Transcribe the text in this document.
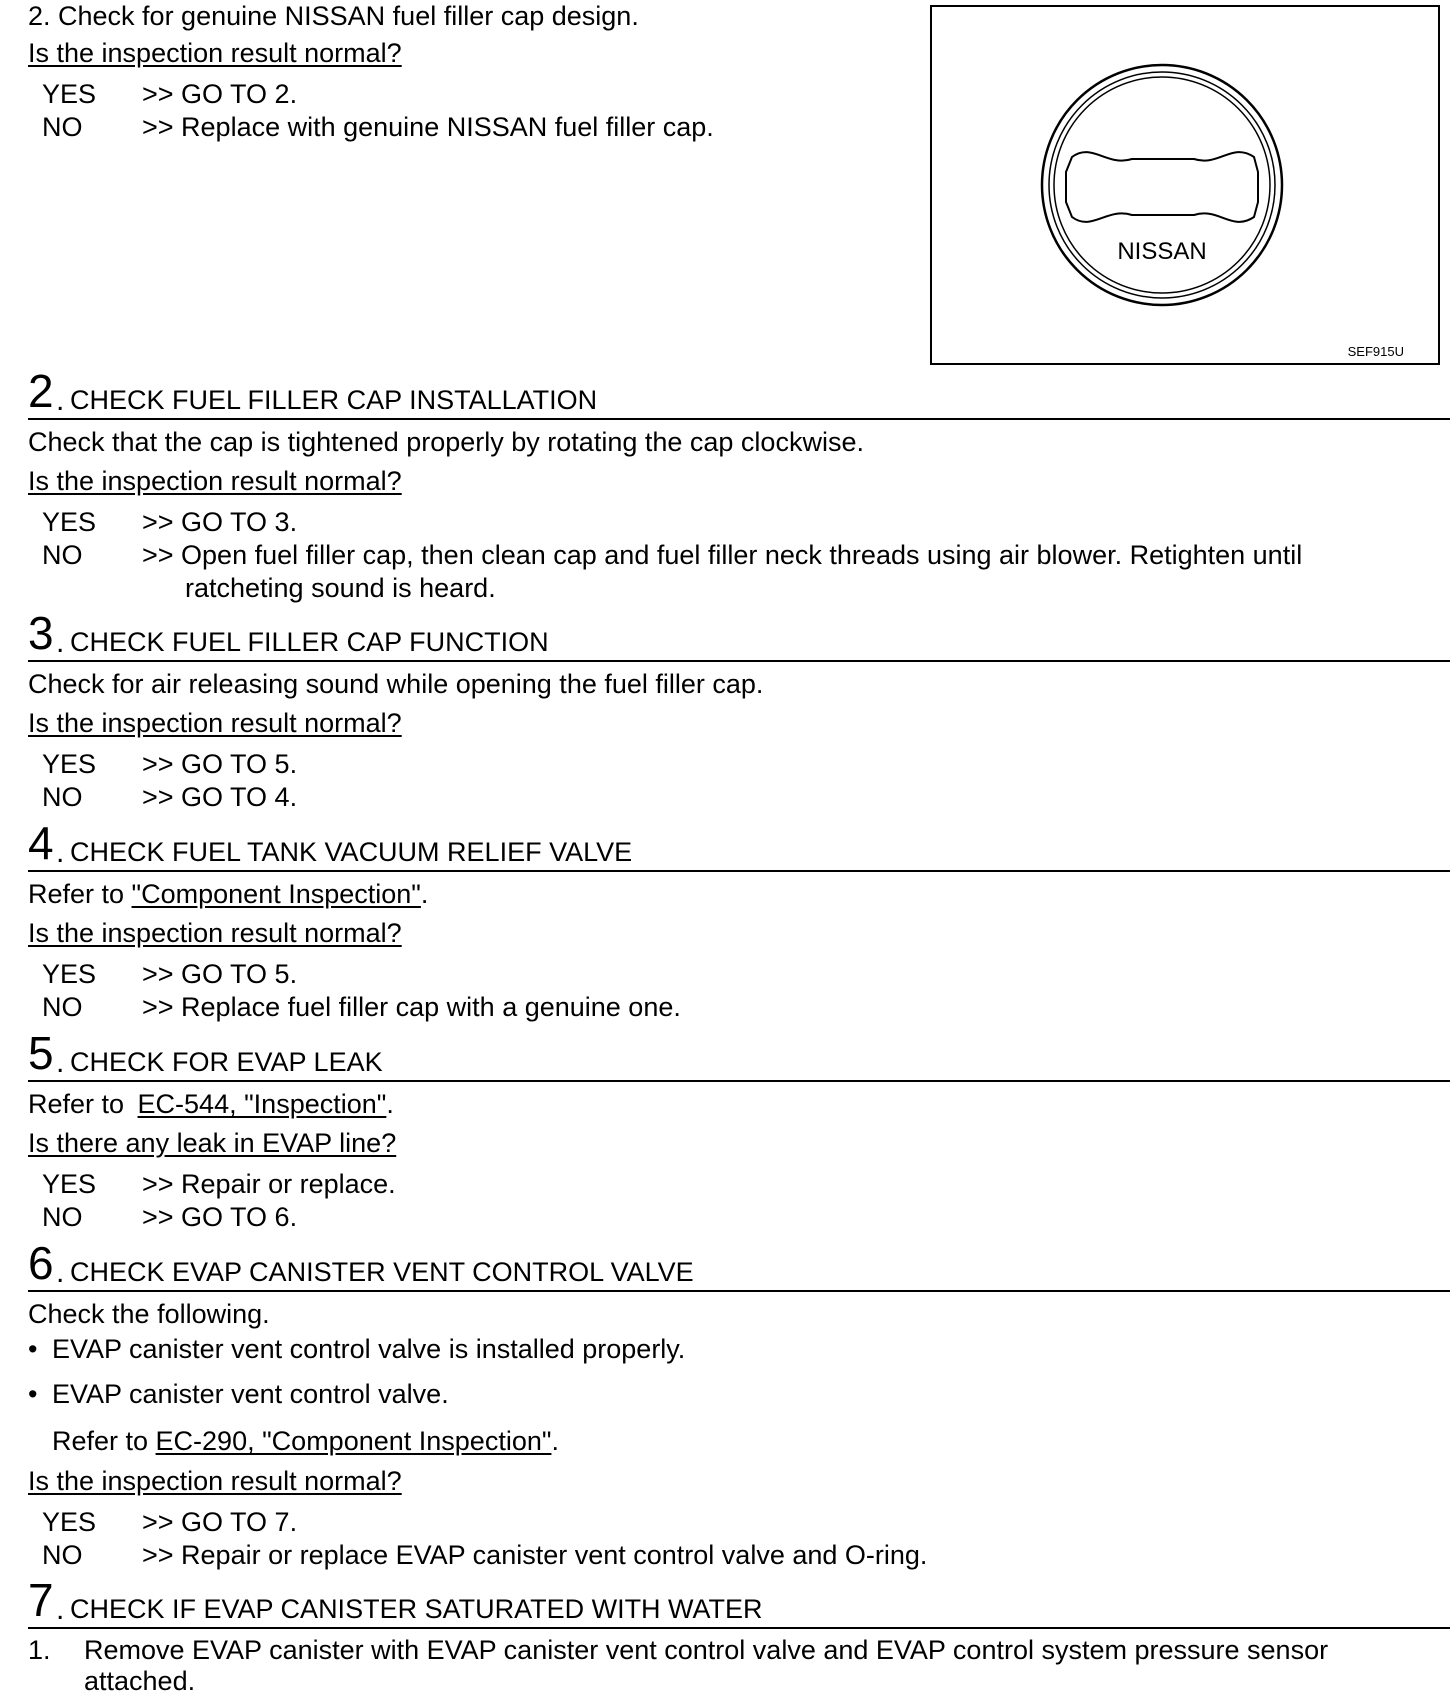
2. Check for genuine NISSAN fuel filler cap design.
Is the inspection result normal?
YES >> GO TO 2.
NO >> Replace with genuine NISSAN fuel filler cap.
NISSAN
SEF915U
2 . CHECK FUEL FILLER CAP INSTALLATION
Check that the cap is tightened properly by rotating the cap clockwise.
Is the inspection result normal?
YES >> GO TO 3.
NO >> Open fuel filler cap, then clean cap and fuel filler neck threads using air blower. Retighten until
ratcheting sound is heard.
3 . CHECK FUEL FILLER CAP FUNCTION
Check for air releasing sound while opening the fuel filler cap.
Is the inspection result normal?
YES >> GO TO 5.
NO >> GO TO 4.
4 . CHECK FUEL TANK VACUUM RELIEF VALVE
Refer to "Component Inspection".
Is the inspection result normal?
YES >> GO TO 5.
NO >> Replace fuel filler cap with a genuine one.
5 . CHECK FOR EVAP LEAK
Refer to EC-544, "Inspection".
Is there any leak in EVAP line?
YES >> Repair or replace.
NO >> GO TO 6.
6 . CHECK EVAP CANISTER VENT CONTROL VALVE
Check the following.
• EVAP canister vent control valve is installed properly.
• EVAP canister vent control valve.
Refer to EC-290, "Component Inspection".
Is the inspection result normal?
YES >> GO TO 7.
NO >> Repair or replace EVAP canister vent control valve and O-ring.
7 . CHECK IF EVAP CANISTER SATURATED WITH WATER
1. Remove EVAP canister with EVAP canister vent control valve and EVAP control system pressure sensor
attached.
